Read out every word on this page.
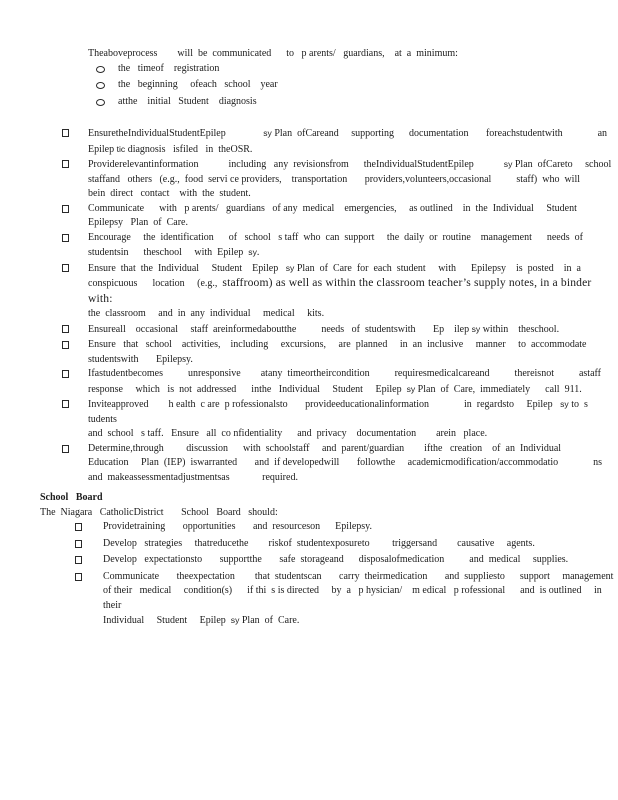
Theaboveprocess        will  be  communicated      to   p arents/   guardians,    at  a  minimum:
the   timeof    registration
the   beginning     ofeach   school    year
atthe    initial   Student    diagnosis
EnsuretheIndividualStudentEpilep               sy Plan  ofCareand     supporting      documentation       foreachstudentwith              an
Epilep tic diagnosis   isfiled   in  theOSR.
Providerelevantinformation            including   any  revisionsfrom      theIndividualStudentEpilep            sy Plan  ofCareto     school
staffand   others   (e.g.,  food  servi ce providers,    transportation       providers,volunteers,occasional          staff)  who  will
bein  direct   contact    with  the  student.
Communicate      with   p arents/   guardians   of any  medical    emergencies,     as outlined    in  the  Individual     Student
Epilepsy   Plan  of  Care.
Encourage     the  identification      of   school   s taff  who  can  support     the  daily  or  routine    management      needs  of
studentsin      theschool     with  Epilep  sy.
Ensure  that  the  Individual     Student    Epilep   sy Plan  of  Care  for  each  student     with      Epilepsy    is  posted    in  a
conspicuous      location     (e.g.,  staffroom) as well as within the classroom teacher’s supply notes, in a binder with:
the  classroom     and  in  any  individual     medical     kits.
Ensureall    occasional     staff  areinformedaboutthe          needs   of  studentswith       Ep    ilep sy within    theschool.
Ensure   that   school    activities,    including     excursions,     are  planned     in  an  inclusive     manner     to  accommodate
studentswith       Epilepsy.
Ifastudentbecomes          unresponsive        atany  timeortheircondition          requiresmedicalcareand          thereisnot          astaff
response     which   is  not  addressed      inthe   Individual     Student     Epilep  sy Plan  of  Care,  immediately      call  911.
Inviteapproved        h ealth  c are  p rofessionalsto       provideeducationalinformation              in  regardsto     Epilep   sy to  s tudents
and  school   s taff.   Ensure   all  co nfidentiality      and  privacy    documentation        arein   place.
Determine,through         discussion      with  schoolstaff     and  parent/guardian        ifthe   creation    of  an  Individual
Education     Plan  (IEP)  iswarranted       and  if developedwill       followthe     academicmodification/accommodatio              ns
and  makeassessmentadjustmentsas             required.
School   Board
The  Niagara   CatholicDistrict       School   Board   should:
Providetraining       opportunities       and  resourceson      Epilepsy.
Develop   strategies     thatreducethe        riskof  studentexposureto         triggersand        causative     agents.
Develop   expectationsto       supportthe       safe  storageand      disposalofmedication          and  medical     supplies.
Communicate       theexpectation        that  studentscan       carry  theirmedication       and  suppliesto      support     management
of their   medical     condition(s)      if thi  s is directed     by  a   p hysician/    m edical   p rofessional      and  is outlined     in  their
Individual     Student     Epilep  sy Plan  of  Care.
